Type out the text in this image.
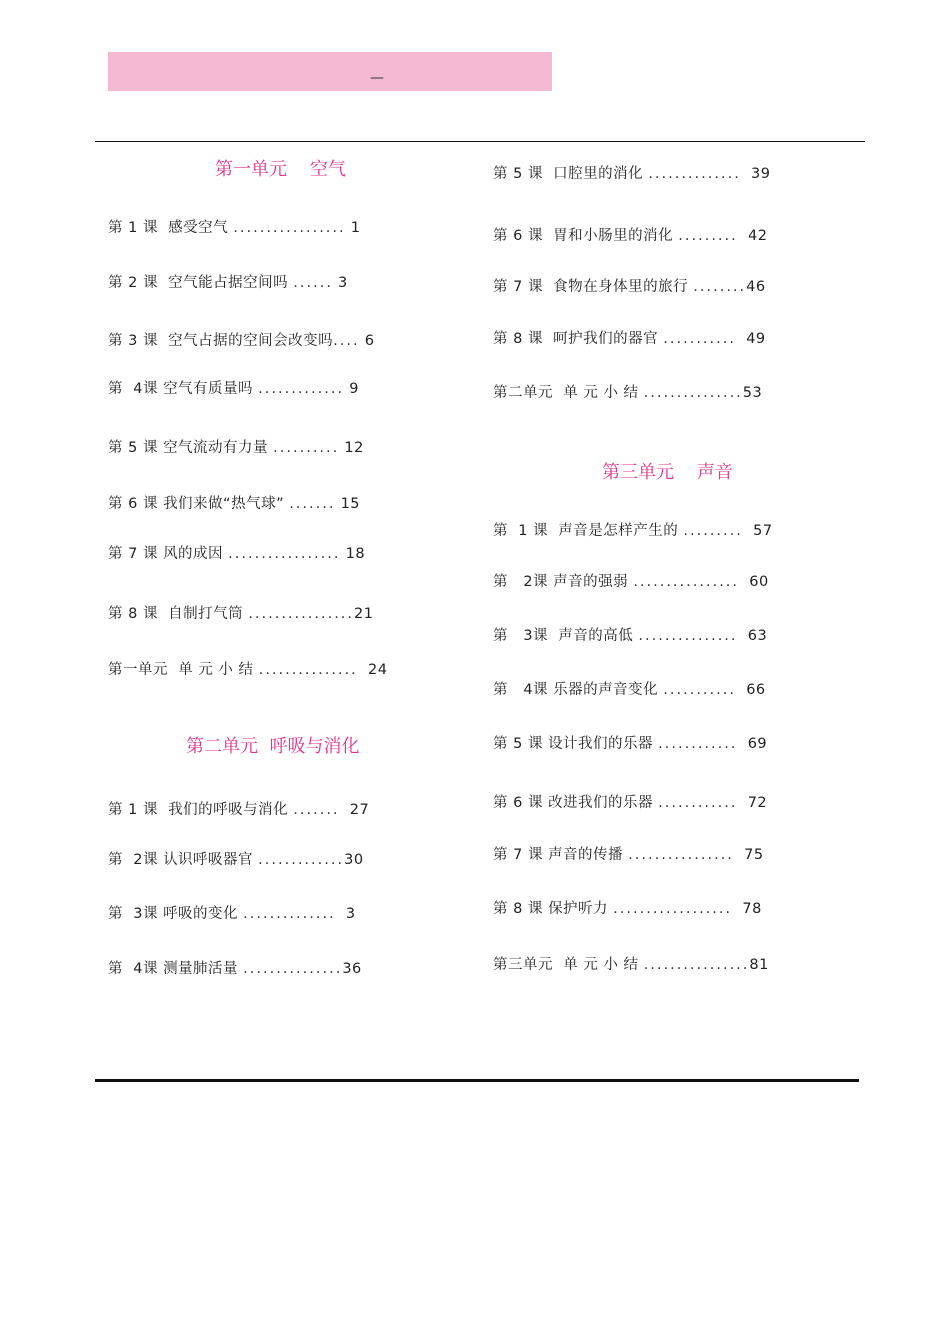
—
第一单元    空气
第 1 课 感受空气 ................. 1
第 2 课 空气能占据空间吗 ...... 3
第 3 课 空气占据的空间会改变吗.... 6
第  4课 空气有质量吗 ............. 9
第 5 课 空气流动有力量 .......... 12
第 6 课 我们来做“热气球” ....... 15
第 7 课 风的成因 ................. 18
第 8 课 自制打气筒 ................21
第一单元 单 元 小 结 ............... 24
第二单元  呼吸与消化
第 1 课 我们的呼吸与消化 ....... 27
第  2课 认识呼吸器官 .............30
第  3课 呼吸的变化 .............. 3
第  4课 测量肺活量 ...............36
第 5 课 口腔里的消化 .............. 39
第 6 课 胃和小肠里的消化 ......... 42
第 7 课 食物在身体里的旅行 ........46
第 8 课 呵护我们的器官 ........... 49
第二单元 单 元 小 结 ...............53
第三单元    声音
第  1 课 声音是怎样产生的 ......... 57
第   2课 声音的强弱 ................ 60
第   3课 声音的高低 ............... 63
第   4课 乐器的声音变化 ........... 66
第 5 课 设计我们的乐器 ............ 69
第 6 课 改进我们的乐器 ............ 72
第 7 课 声音的传播 ................ 75
第 8 课 保护听力 .................. 78
第三单元 单 元 小 结 ................81
